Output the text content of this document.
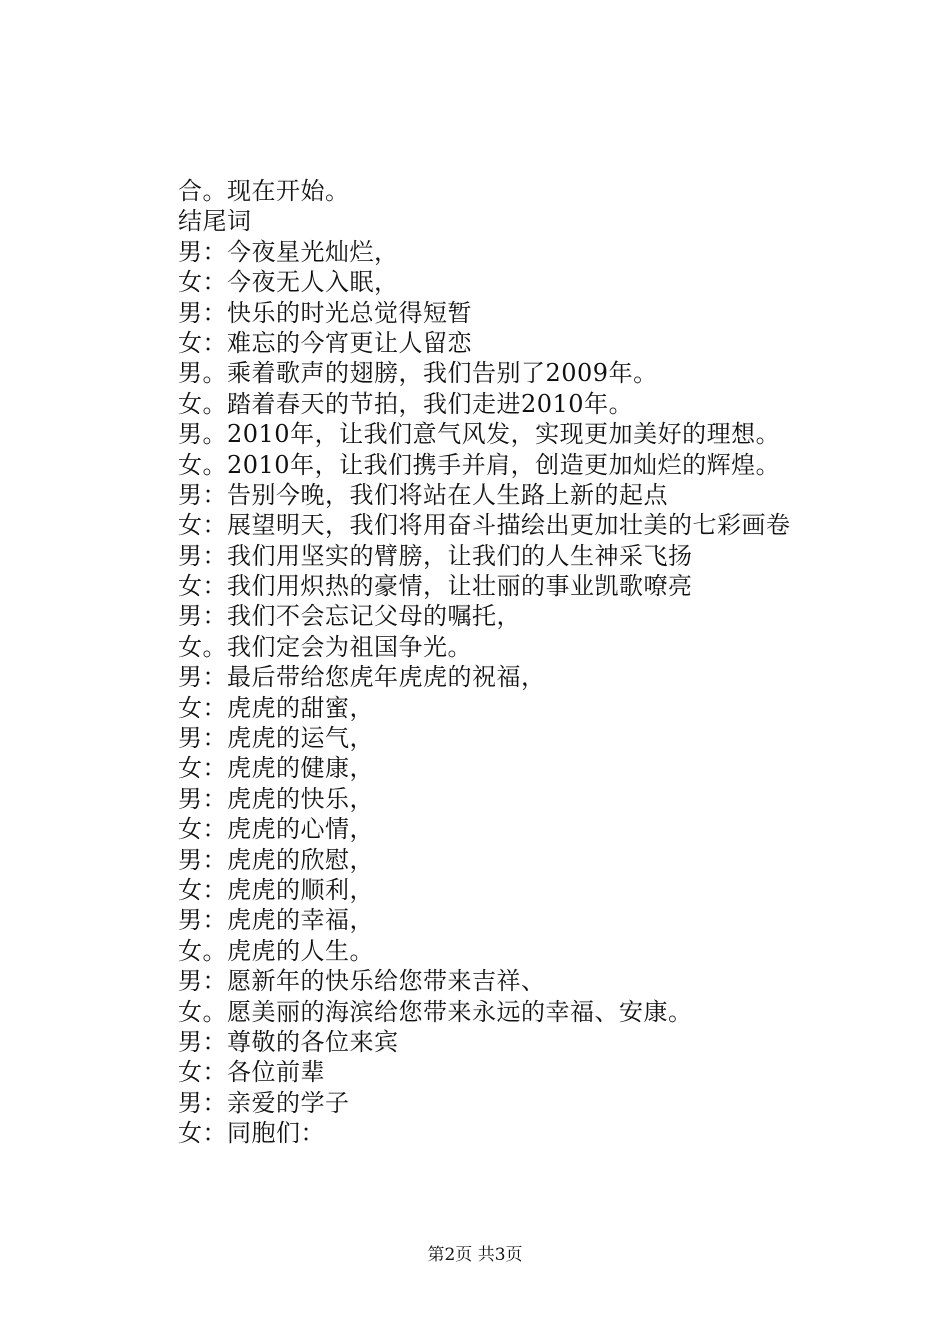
合。现在开始。
结尾词
男：今夜星光灿烂，
女：今夜无人入眠，
男：快乐的时光总觉得短暂
女：难忘的今宵更让人留恋
男。乘着歌声的翅膀，我们告别了2009年。
女。踏着春天的节拍，我们走进2010年。
男。2010年，让我们意气风发，实现更加美好的理想。
女。2010年，让我们携手并肩，创造更加灿烂的辉煌。
男：告别今晚，我们将站在人生路上新的起点
女：展望明天，我们将用奋斗描绘出更加壮美的七彩画卷
男：我们用坚实的臂膀，让我们的人生神采飞扬
女：我们用炽热的豪情，让壮丽的事业凯歌嘹亮
男：我们不会忘记父母的嘱托，
女。我们定会为祖国争光。
男：最后带给您虎年虎虎的祝福，
女：虎虎的甜蜜，
男：虎虎的运气，
女：虎虎的健康，
男：虎虎的快乐，
女：虎虎的心情，
男：虎虎的欣慰，
女：虎虎的顺利，
男：虎虎的幸福，
女。虎虎的人生。
男：愿新年的快乐给您带来吉祥、
女。愿美丽的海滨给您带来永远的幸福、安康。
男：尊敬的各位来宾
女：各位前辈
男：亲爱的学子
女：同胞们：
第2页 共3页
